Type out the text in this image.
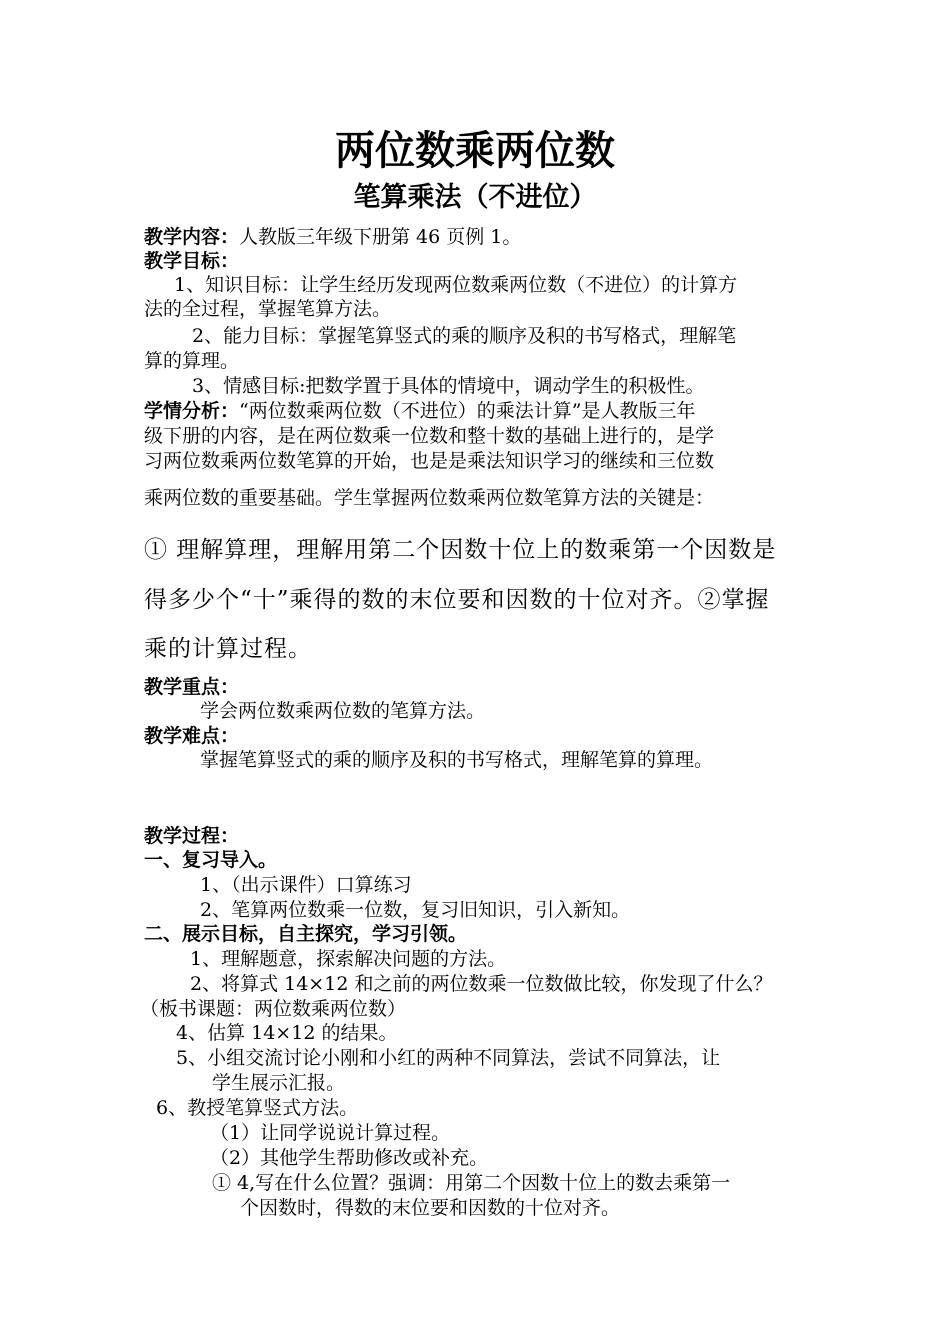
两位数乘两位数
笔算乘法（不进位）
教学内容：人教版三年级下册第 46 页例 1。
教学目标：
1、知识目标：让学生经历发现两位数乘两位数（不进位）的计算方
法的全过程，掌握笔算方法。
2、能力目标：掌握笔算竖式的乘的顺序及积的书写格式，理解笔
算的算理。
3、情感目标:把数学置于具体的情境中，调动学生的积极性。
学情分析：“两位数乘两位数（不进位）的乘法计算”是人教版三年
级下册的内容，是在两位数乘一位数和整十数的基础上进行的，是学
习两位数乘两位数笔算的开始，也是是乘法知识学习的继续和三位数
乘两位数的重要基础。学生掌握两位数乘两位数笔算方法的关键是：
① 理解算理，理解用第二个因数十位上的数乘第一个因数是
得多少个“十”乘得的数的末位要和因数的十位对齐。②掌握
乘的计算过程。
教学重点：
学会两位数乘两位数的笔算方法。
教学难点：
掌握笔算竖式的乘的顺序及积的书写格式，理解笔算的算理。
教学过程：
一、复习导入。
1、（出示课件）口算练习
2、笔算两位数乘一位数，复习旧知识，引入新知。
二、展示目标，自主探究，学习引领。
1、理解题意，探索解决问题的方法。
2、将算式 14×12 和之前的两位数乘一位数做比较，你发现了什么？
（板书课题：两位数乘两位数）
4、估算 14×12 的结果。
5、小组交流讨论小刚和小红的两种不同算法，尝试不同算法，让
学生展示汇报。
6、教授笔算竖式方法。
（1）让同学说说计算过程。
（2）其他学生帮助修改或补充。
① 4,写在什么位置？强调：用第二个因数十位上的数去乘第一
个因数时，得数的末位要和因数的十位对齐。
